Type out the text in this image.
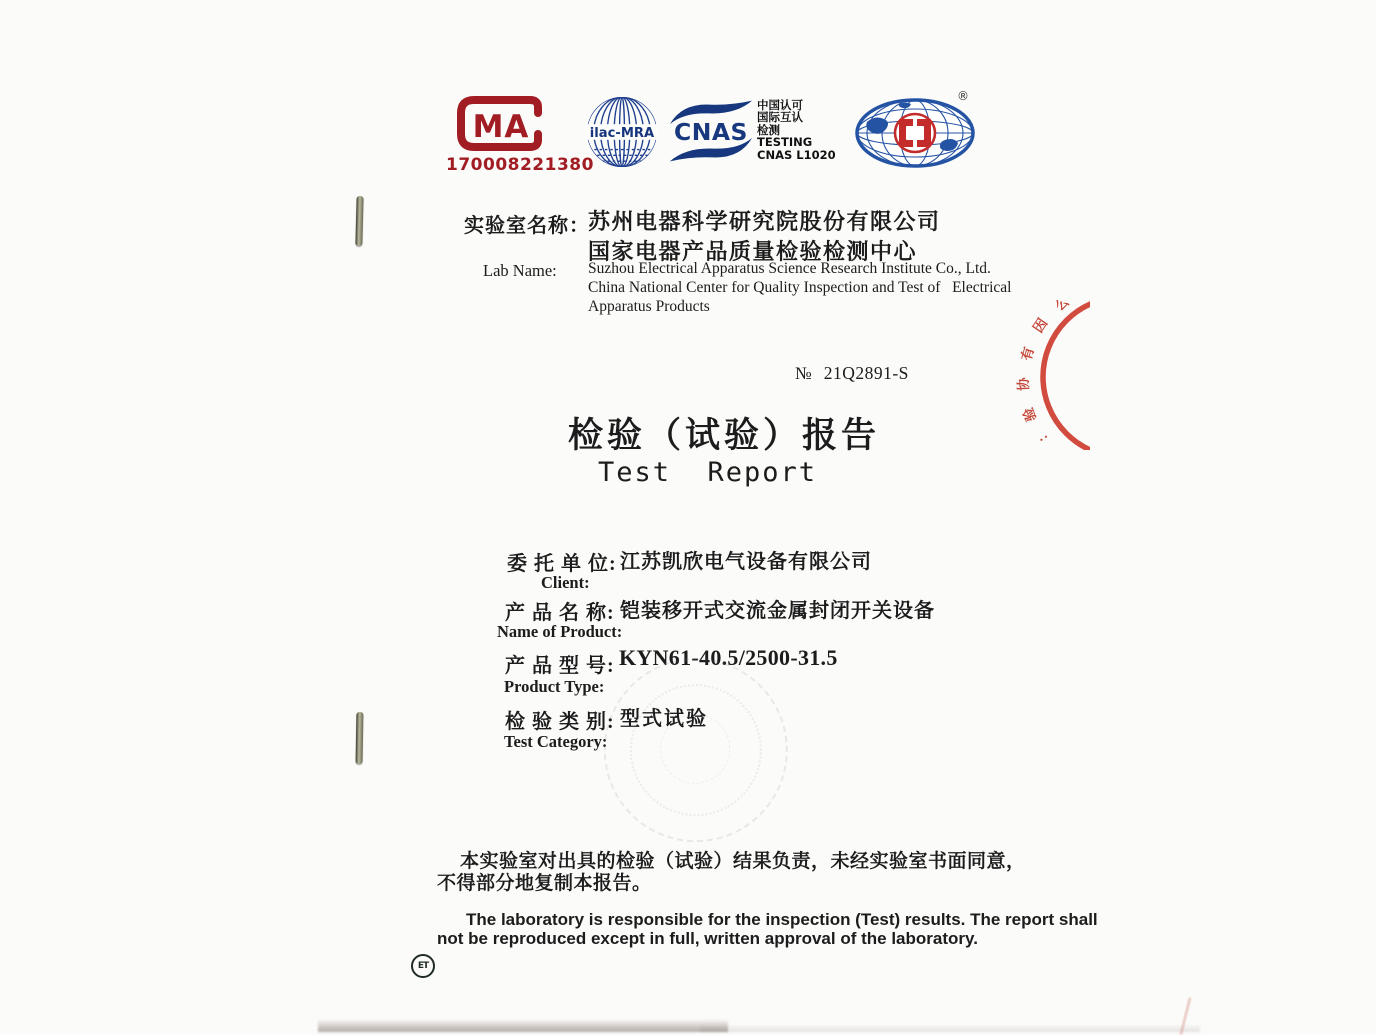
MA
170008221380
ilac-MRA CNAS
中国认可
国际互认
检测
TESTING
CNAS L1020
®
实验室名称：
苏州电器科学研究院股份有限公司
国家电器产品质量检验检测中心
Lab Name: Suzhou Electrical Apparatus Science Research Institute Co., Ltd.
China National Center for Quality Inspection and Test of   Electrical
Apparatus Products
№ 21Q2891-S
检验（试验）报告
Test  Report
委 托 单 位: 江苏凯欣电气设备有限公司
Client:
产 品 名 称: 铠装移开式交流金属封闭开关设备
Name of Product:
产 品 型 号: KYN61-40.5/2500-31.5
Product Type:
检 验 类 别: 型式试验
Test Category:
公
因
有
协
验
：
本实验室对出具的检验（试验）结果负责，未经实验室书面同意，
不得部分地复制本报告。
The laboratory is responsible for the inspection (Test) results. The report shall
not be reproduced except in full, written approval of the laboratory.
ET
